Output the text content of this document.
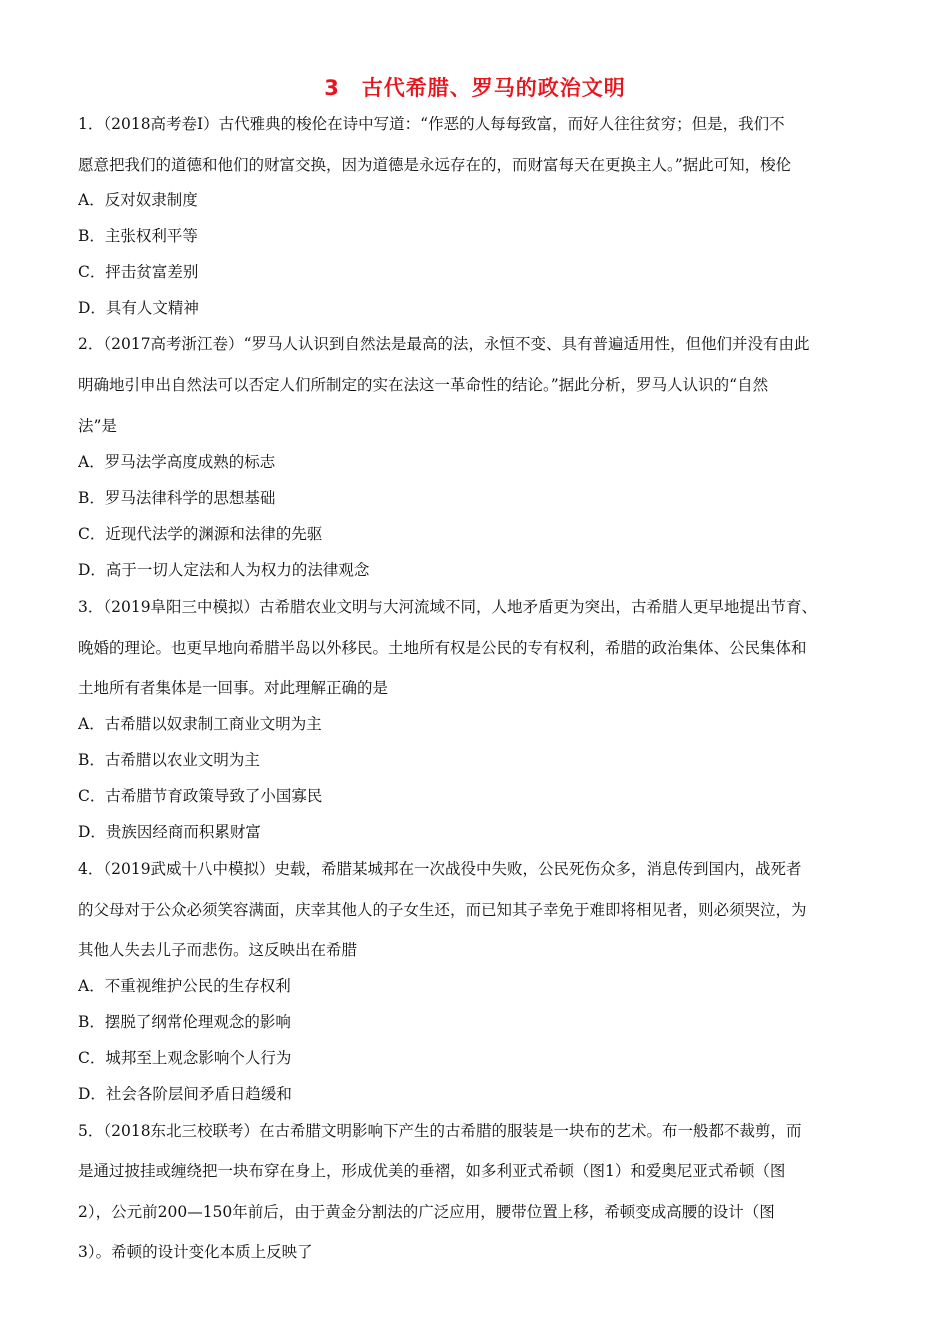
3　古代希腊、罗马的政治文明
1．（2018高考卷Ⅰ）古代雅典的梭伦在诗中写道：“作恶的人每每致富，而好人往往贫穷；但是，我们不
愿意把我们的道德和他们的财富交换，因为道德是永远存在的，而财富每天在更换主人。”据此可知，梭伦
A．反对奴隶制度
B．主张权利平等
C．抨击贫富差别
D．具有人文精神
2．（2017高考浙江卷）“罗马人认识到自然法是最高的法，永恒不变、具有普遍适用性，但他们并没有由此
明确地引申出自然法可以否定人们所制定的实在法这一革命性的结论。”据此分析，罗马人认识的“自然
法”是
A．罗马法学高度成熟的标志
B．罗马法律科学的思想基础
C．近现代法学的渊源和法律的先驱
D．高于一切人定法和人为权力的法律观念
3．（2019阜阳三中模拟）古希腊农业文明与大河流域不同，人地矛盾更为突出，古希腊人更早地提出节育、
晚婚的理论。也更早地向希腊半岛以外移民。土地所有权是公民的专有权利，希腊的政治集体、公民集体和
土地所有者集体是一回事。对此理解正确的是
A．古希腊以奴隶制工商业文明为主
B．古希腊以农业文明为主
C．古希腊节育政策导致了小国寡民
D．贵族因经商而积累财富
4．（2019武威十八中模拟）史载，希腊某城邦在一次战役中失败，公民死伤众多，消息传到国内，战死者
的父母对于公众必须笑容满面，庆幸其他人的子女生还，而已知其子幸免于难即将相见者，则必须哭泣，为
其他人失去儿子而悲伤。这反映出在希腊
A．不重视维护公民的生存权利
B．摆脱了纲常伦理观念的影响
C．城邦至上观念影响个人行为
D．社会各阶层间矛盾日趋缓和
5．（2018东北三校联考）在古希腊文明影响下产生的古希腊的服装是一块布的艺术。布一般都不裁剪，而
是通过披挂或缠绕把一块布穿在身上，形成优美的垂褶，如多利亚式希顿（图1）和爱奥尼亚式希顿（图
2），公元前200—150年前后，由于黄金分割法的广泛应用，腰带位置上移，希顿变成高腰的设计（图
3）。希顿的设计变化本质上反映了
